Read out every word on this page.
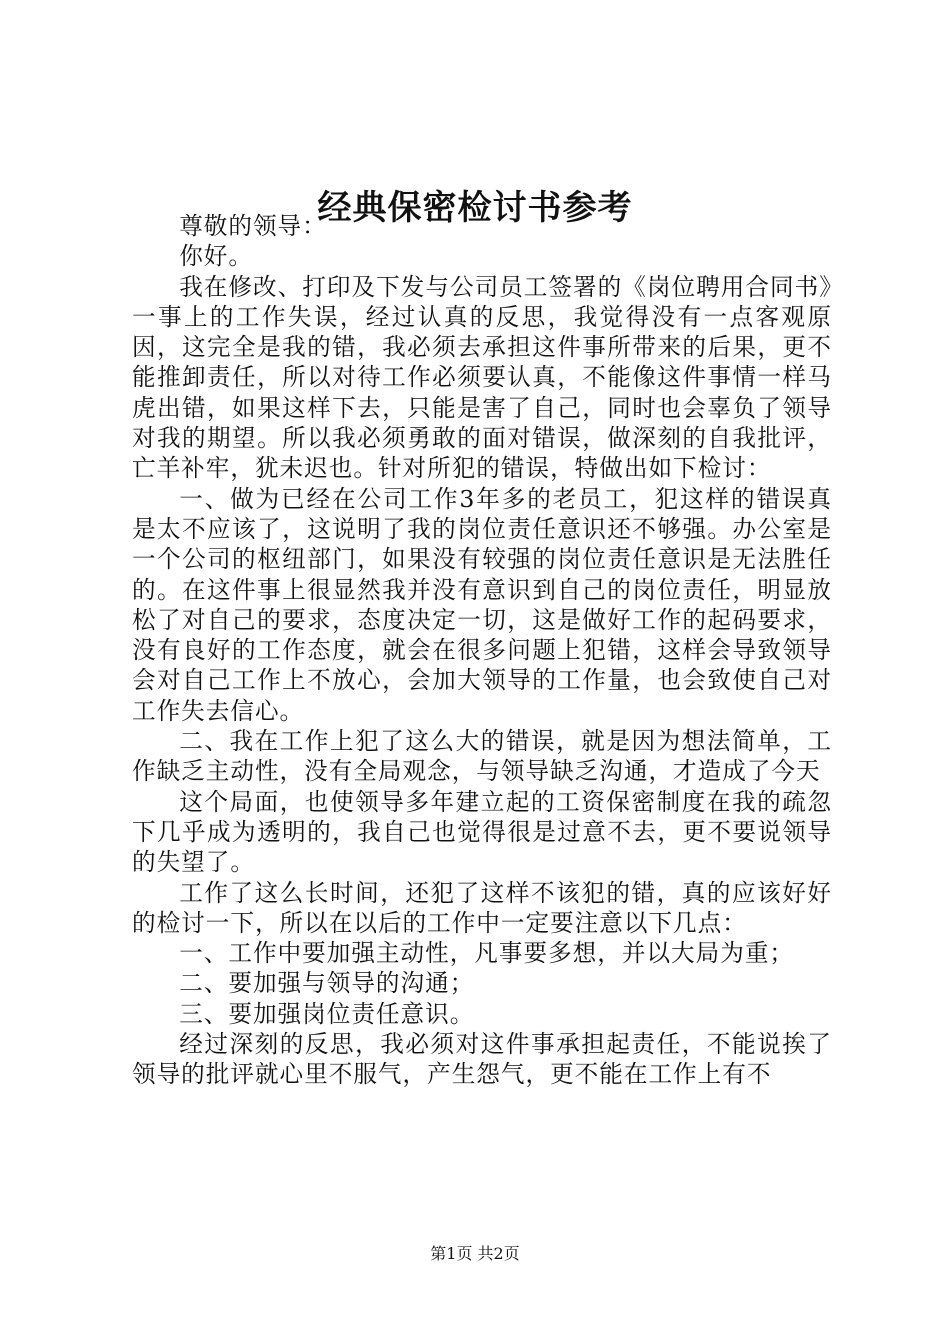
经典保密检讨书参考

尊敬的领导：

你好。

我在修改、打印及下发与公司员工签署的《岗位聘用合同书》一事上的工作失误，经过认真的反思，我觉得没有一点客观原因，这完全是我的错，我必须去承担这件事所带来的后果，更不能推卸责任，所以对待工作必须要认真，不能像这件事情一样马虎出错，如果这样下去，只能是害了自己，同时也会辜负了领导对我的期望。所以我必须勇敢的面对错误，做深刻的自我批评，亡羊补牢，犹未迟也。针对所犯的错误，特做出如下检讨：

一、做为已经在公司工作3年多的老员工，犯这样的错误真是太不应该了，这说明了我的岗位责任意识还不够强。办公室是一个公司的枢纽部门，如果没有较强的岗位责任意识是无法胜任的。在这件事上很显然我并没有意识到自己的岗位责任，明显放松了对自己的要求，态度决定一切，这是做好工作的起码要求，没有良好的工作态度，就会在很多问题上犯错，这样会导致领导会对自己工作上不放心，会加大领导的工作量，也会致使自己对工作失去信心。

二、我在工作上犯了这么大的错误，就是因为想法简单，工作缺乏主动性，没有全局观念，与领导缺乏沟通，才造成了今天

这个局面，也使领导多年建立起的工资保密制度在我的疏忽下几乎成为透明的，我自己也觉得很是过意不去，更不要说领导的失望了。

工作了这么长时间，还犯了这样不该犯的错，真的应该好好的检讨一下，所以在以后的工作中一定要注意以下几点：

一、工作中要加强主动性，凡事要多想，并以大局为重；

二、要加强与领导的沟通；

三、要加强岗位责任意识。

经过深刻的反思，我必须对这件事承担起责任，不能说挨了领导的批评就心里不服气，产生怨气，更不能在工作上有不

第1页 共2页
